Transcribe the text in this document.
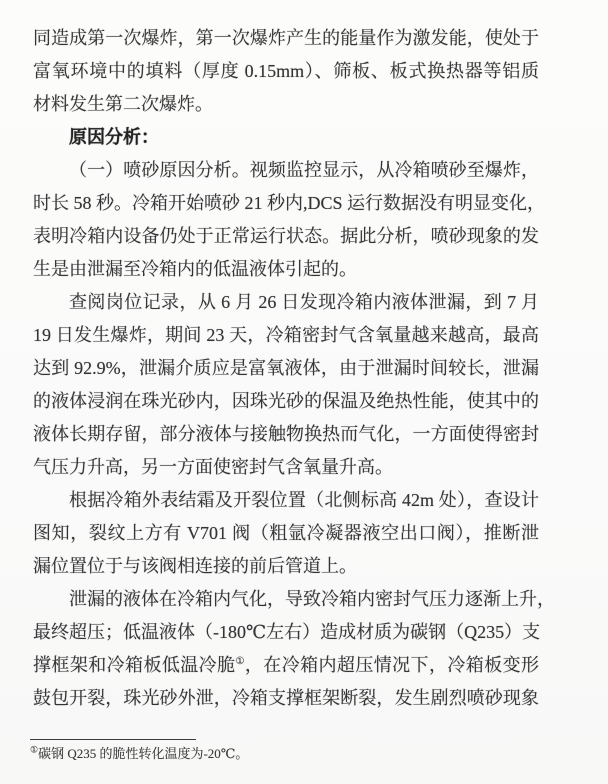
同造成第一次爆炸，第一次爆炸产生的能量作为激发能，使处于
富氧环境中的填料（厚度 0.15mm）、筛板、板式换热器等铝质
材料发生第二次爆炸。
原因分析：
（一）喷砂原因分析。视频监控显示，从冷箱喷砂至爆炸，
时长 58 秒。冷箱开始喷砂 21 秒内,DCS 运行数据没有明显变化，
表明冷箱内设备仍处于正常运行状态。据此分析，喷砂现象的发
生是由泄漏至冷箱内的低温液体引起的。
查阅岗位记录，从 6 月 26 日发现冷箱内液体泄漏，到 7 月
19 日发生爆炸，期间 23 天，冷箱密封气含氧量越来越高，最高
达到 92.9%，泄漏介质应是富氧液体，由于泄漏时间较长，泄漏
的液体浸润在珠光砂内，因珠光砂的保温及绝热性能，使其中的
液体长期存留，部分液体与接触物换热而气化，一方面使得密封
气压力升高，另一方面使密封气含氧量升高。
根据冷箱外表结霜及开裂位置（北侧标高 42m 处），查设计
图知，裂纹上方有 V701 阀（粗氩冷凝器液空出口阀），推断泄
漏位置位于与该阀相连接的前后管道上。
泄漏的液体在冷箱内气化，导致冷箱内密封气压力逐渐上升，
最终超压；低温液体（-180℃左右）造成材质为碳钢（Q235）支
撑框架和冷箱板低温冷脆①，在冷箱内超压情况下，冷箱板变形
鼓包开裂，珠光砂外泄，冷箱支撑框架断裂，发生剧烈喷砂现象
①碳钢 Q235 的脆性转化温度为-20℃。
